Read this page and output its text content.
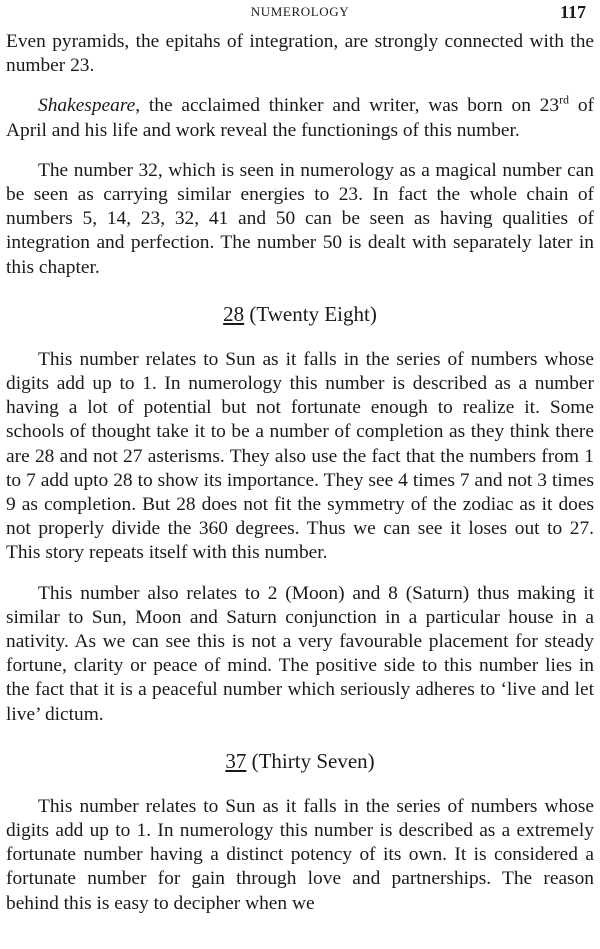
NUMEROLOGY	117

Even pyramids, the epitahs of integration, are strongly connected with the number 23.

Shakespeare, the acclaimed thinker and writer, was born on 23rd of April and his life and work reveal the functionings of this number.

The number 32, which is seen in numerology as a magical number can be seen as carrying similar energies to 23. In fact the whole chain of numbers 5, 14, 23, 32, 41 and 50 can be seen as having qualities of integration and perfection. The number 50 is dealt with separately later in this chapter.

28 (Twenty Eight)

This number relates to Sun as it falls in the series of numbers whose digits add up to 1. In numerology this number is described as a number having a lot of potential but not fortunate enough to realize it. Some schools of thought take it to be a number of completion as they think there are 28 and not 27 asterisms. They also use the fact that the numbers from 1 to 7 add upto 28 to show its importance. They see 4 times 7 and not 3 times 9 as completion. But 28 does not fit the symmetry of the zodiac as it does not properly divide the 360 degrees. Thus we can see it loses out to 27. This story repeats itself with this number.

This number also relates to 2 (Moon) and 8 (Saturn) thus making it similar to Sun, Moon and Saturn conjunction in a particular house in a nativity. As we can see this is not a very favourable placement for steady fortune, clarity or peace of mind. The positive side to this number lies in the fact that it is a peaceful number which seriously adheres to ‘live and let live’ dictum.

37 (Thirty Seven)

This number relates to Sun as it falls in the series of numbers whose digits add up to 1. In numerology this number is described as a extremely fortunate number having a distinct potency of its own. It is considered a fortunate number for gain through love and partnerships. The reason behind this is easy to decipher when we
